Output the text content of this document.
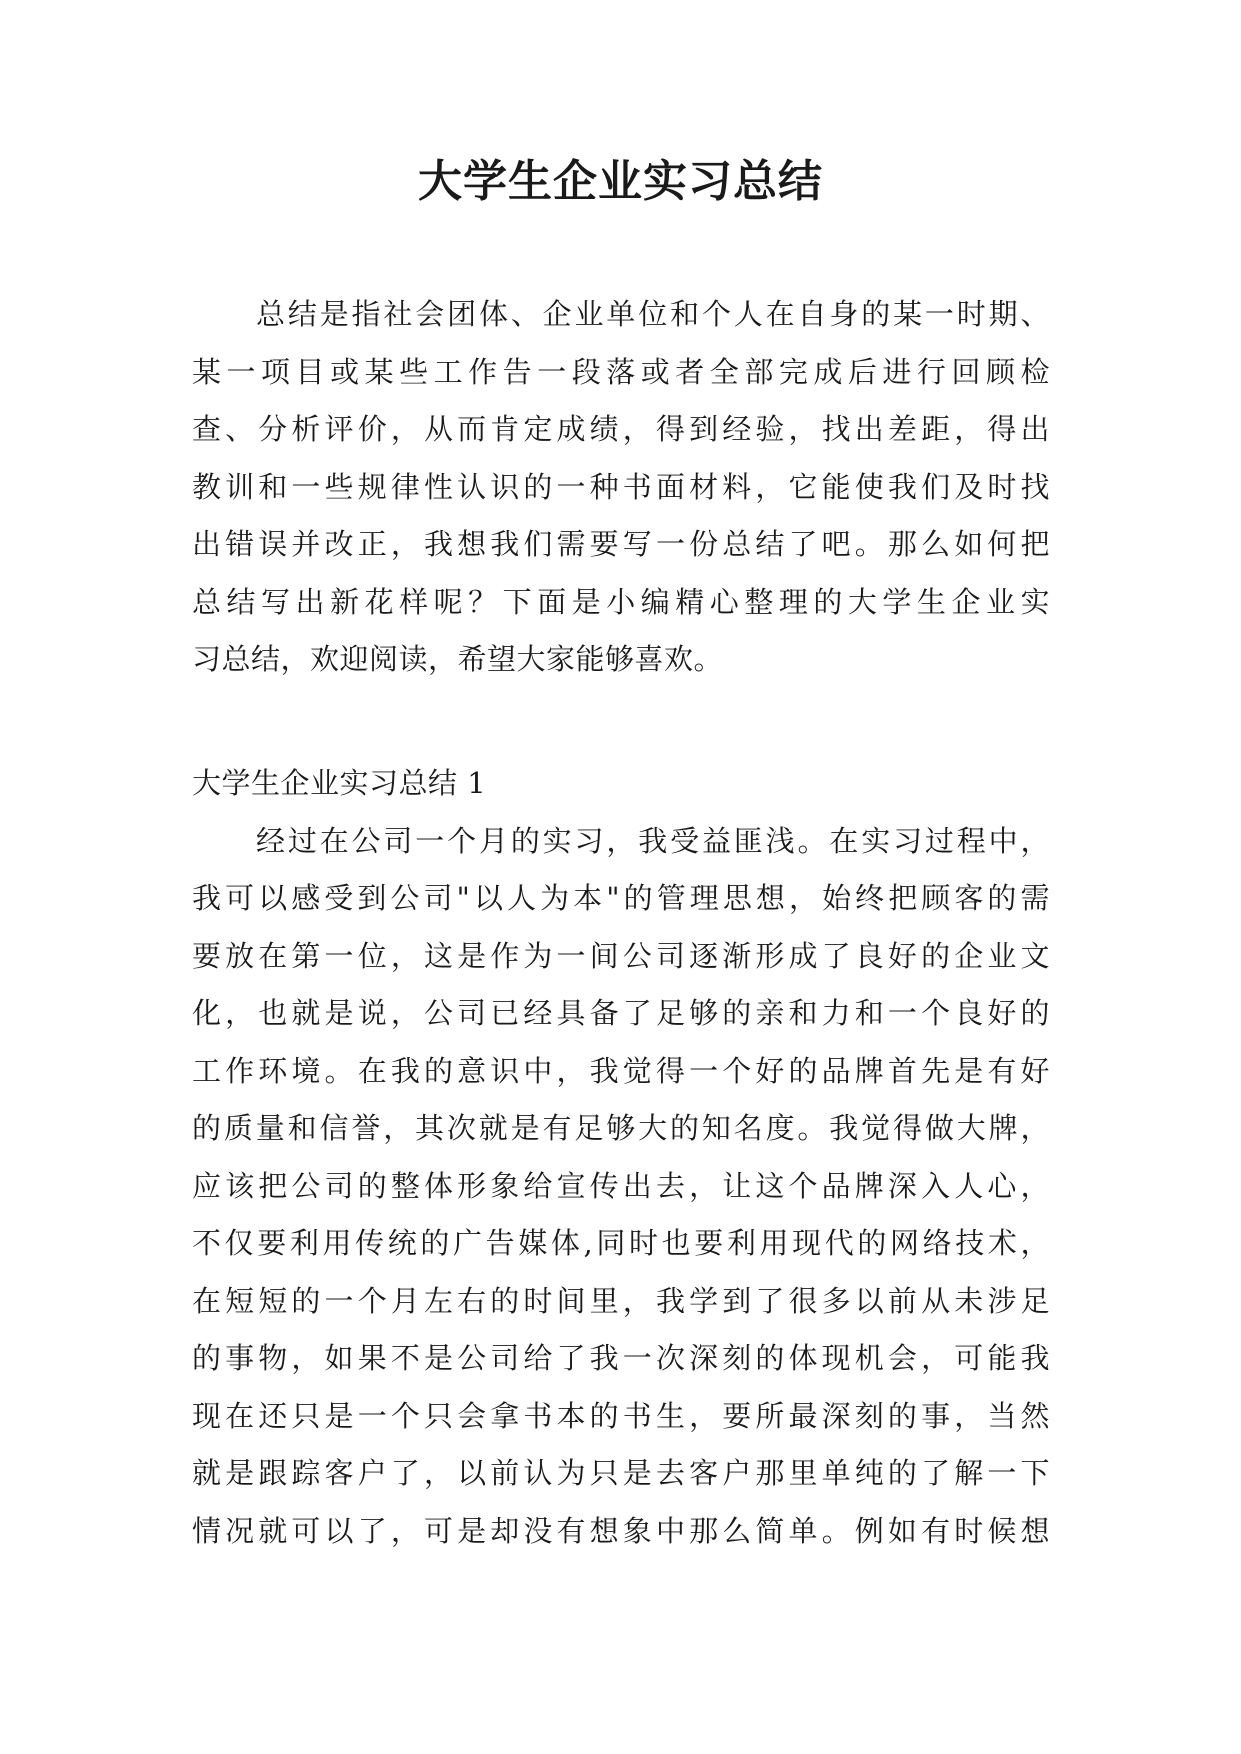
大学生企业实习总结
总结是指社会团体、企业单位和个人在自身的某一时期、
某一项目或某些工作告一段落或者全部完成后进行回顾检
查、分析评价，从而肯定成绩，得到经验，找出差距，得出
教训和一些规律性认识的一种书面材料，它能使我们及时找
出错误并改正，我想我们需要写一份总结了吧。那么如何把
总结写出新花样呢？下面是小编精心整理的大学生企业实
习总结，欢迎阅读，希望大家能够喜欢。
大学生企业实习总结 1
经过在公司一个月的实习，我受益匪浅。在实习过程中，
我可以感受到公司"以人为本"的管理思想，始终把顾客的需
要放在第一位，这是作为一间公司逐渐形成了良好的企业文
化，也就是说，公司已经具备了足够的亲和力和一个良好的
工作环境。在我的意识中，我觉得一个好的品牌首先是有好
的质量和信誉，其次就是有足够大的知名度。我觉得做大牌，
应该把公司的整体形象给宣传出去，让这个品牌深入人心，
不仅要利用传统的广告媒体,同时也要利用现代的网络技术，
在短短的一个月左右的时间里，我学到了很多以前从未涉足
的事物，如果不是公司给了我一次深刻的体现机会，可能我
现在还只是一个只会拿书本的书生，要所最深刻的事，当然
就是跟踪客户了，以前认为只是去客户那里单纯的了解一下
情况就可以了，可是却没有想象中那么简单。例如有时候想
